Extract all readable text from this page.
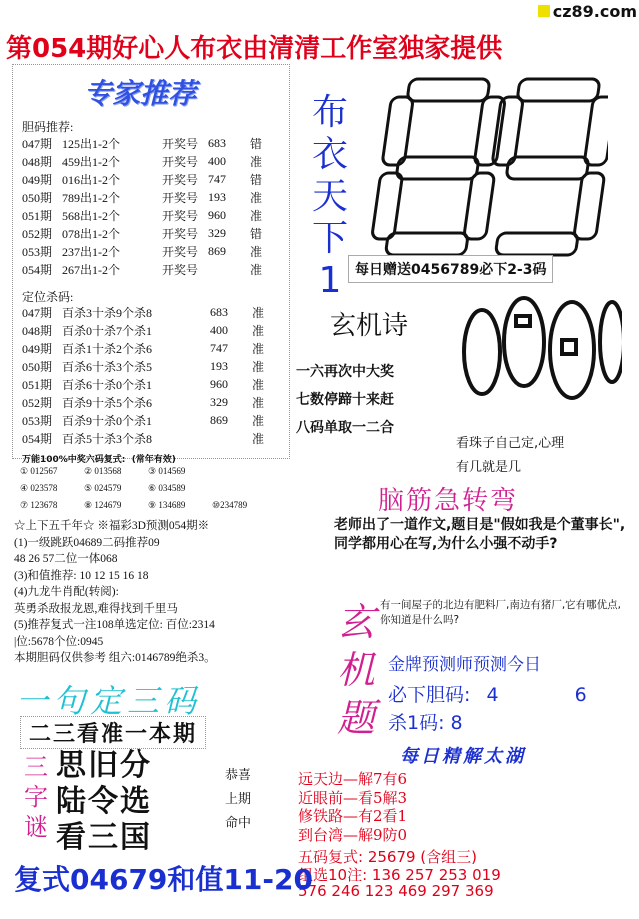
cz89.com
第054期好心人布衣由清清工作室独家提供
专家推荐
胆码推荐:
047期 125出1-2个	开奖号 683	错
048期 459出1-2个	开奖号 400	准
049期 016出1-2个	开奖号 747	错
050期 789出1-2个	开奖号 193	准
051期 568出1-2个	开奖号 960	准
052期 078出1-2个	开奖号 329	错
053期 237出1-2个	开奖号 869	准
054期 267出1-2个	开奖号	准
定位杀码:
047期 百杀3十杀9个杀8	683	准
048期 百杀0十杀7个杀1	400	准
049期 百杀1十杀2个杀6	747	准
050期 百杀6十杀3个杀5	193	准
051期 百杀6十杀0个杀1	960	准
052期 百杀9十杀5个杀6	329	准
053期 百杀9十杀0个杀1	869	准
054期 百杀5十杀3个杀8	准
万能100%中奖六码复式: (常年有效)
① 012567	② 013568	③ 014569
④ 023578	⑤ 024579	⑥ 034589
⑦ 123678	⑧ 124679	⑨ 134689	⑩234789
布衣天下1 每日赠送0456789必下2-3码
玄机诗
一六再次中大奖
七数停蹄十来赶
八码单取一二合
看珠子自己定,心理
有几就是几
☆上下五千年☆ ※福彩3D预测054期※
(1)一级跳跃04689二码推荐09
48 26 57二位一体068
(3)和值推荐: 10 12 15 16 18
(4)九龙牛肖配(转阅):
英勇杀敌报龙恩,难得找到千里马
(5)推荐复式一注108单选定位: 百位:2314
|位:5678个位:0945
本期胆码仅供参考 组六:0146789绝杀3。
脑筋急转弯
老师出了一道作文,题目是"假如我是个董事长",同学都用心在写,为什么小强不动手?
玄机题
有一间屋子的北边有肥料厂,南边有猪厂,它有哪优点,你知道是什么吗?
金牌预测师预测今日
必下胆码: 4	6
杀1码: 8
一句定三码
二三看准一本期
三字谜
思旧分
陆令选
看三国
恭喜
上期
命中
每日精解太湖
远天边—解7有6
近眼前—看5解3
修铁路—有2看1
到台湾—解9防0
五码复式: 25679 (含组三)
组选10注: 136 257 253 019
576 246 123 469 297 369
复式04679和值11-20
